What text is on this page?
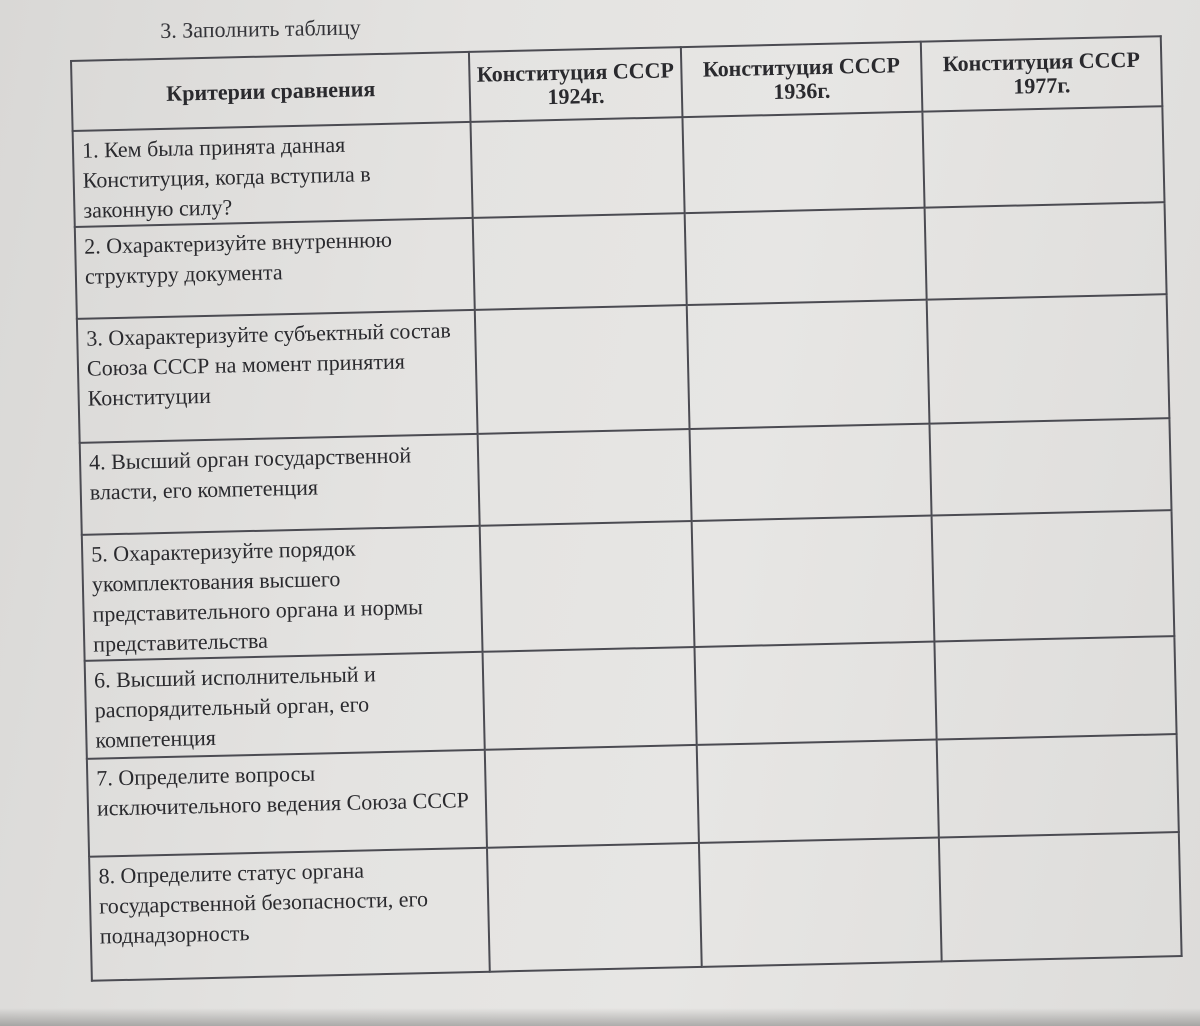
3. Заполнить таблицу
Критерии сравнения	Конституция СССР 1924г.	Конституция СССР 1936г.	Конституция СССР 1977г.
1. Кем была принята данная Конституция, когда вступила в законную силу?			
2. Охарактеризуйте внутреннюю структуру документа			
3. Охарактеризуйте субъектный состав Союза СССР на момент принятия Конституции			
4. Высший орган государственной власти, его компетенция			
5. Охарактеризуйте порядок укомплектования высшего представительного органа и нормы представительства			
6. Высший исполнительный и распорядительный орган, его компетенция			
7. Определите вопросы исключительного ведения Союза СССР			
8. Определите статус органа государственной безопасности, его поднадзорность			
